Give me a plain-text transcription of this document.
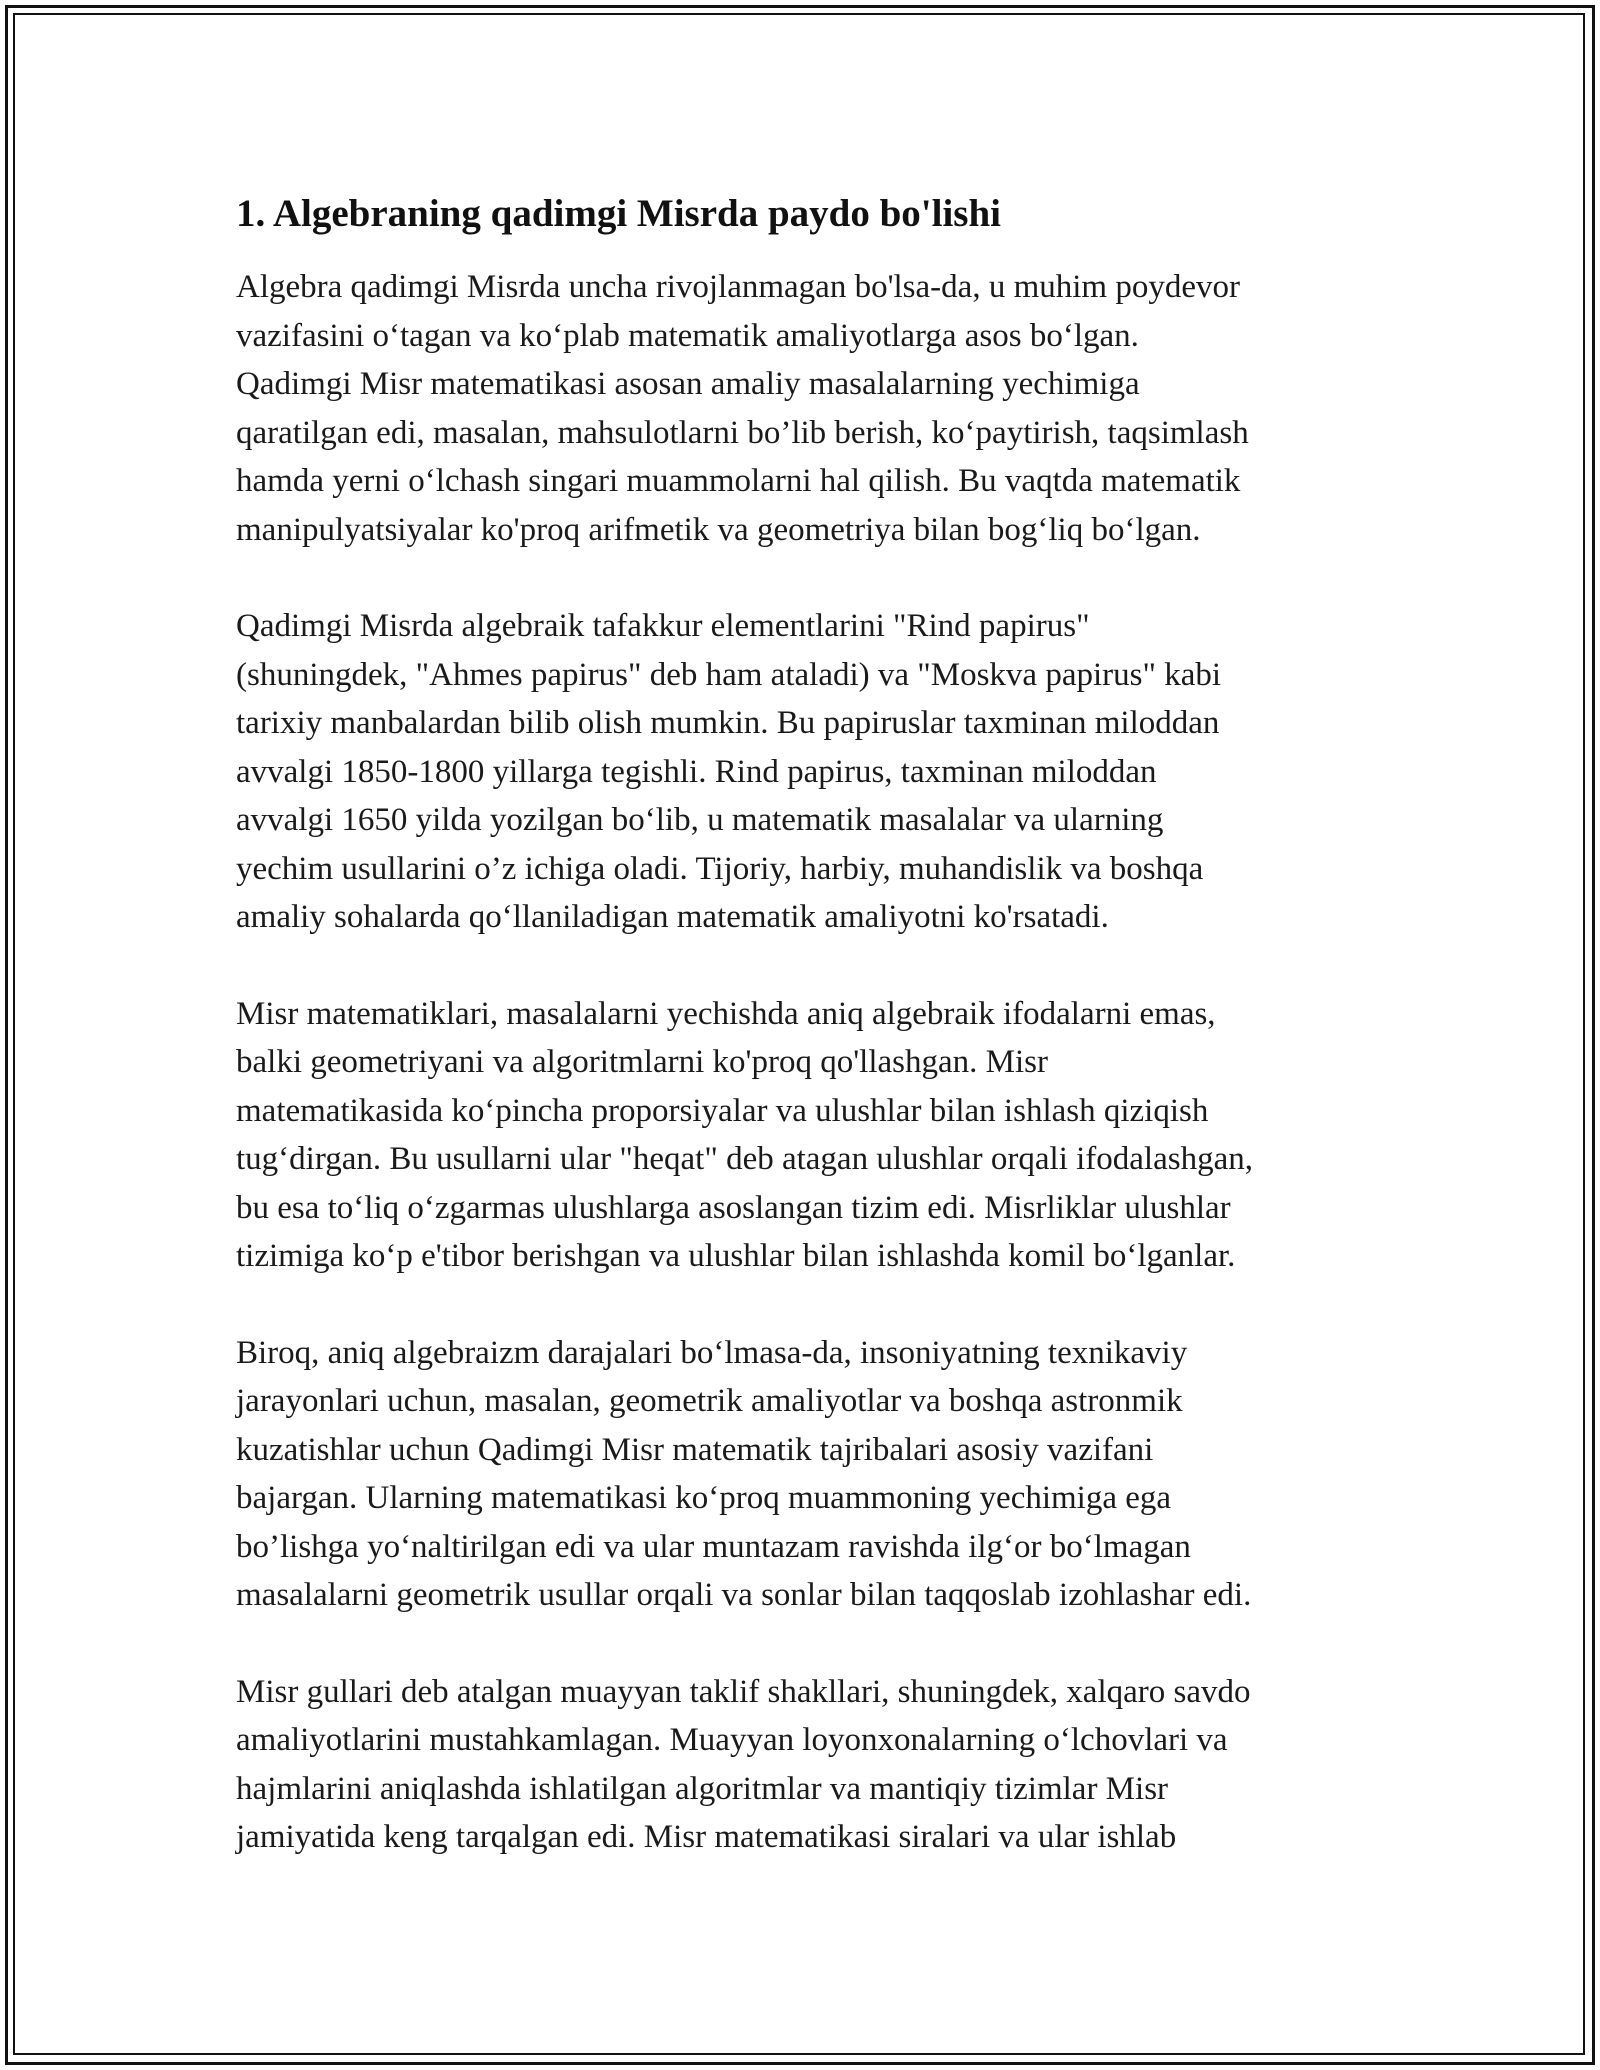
1. Algebraning qadimgi Misrda paydo bo'lishi

Algebra qadimgi Misrda uncha rivojlanmagan bo'lsa-da, u muhim poydevor
vazifasini o‘tagan va ko‘plab matematik amaliyotlarga asos bo‘lgan.
Qadimgi Misr matematikasi asosan amaliy masalalarning yechimiga
qaratilgan edi, masalan, mahsulotlarni bo’lib berish, ko‘paytirish, taqsimlash
hamda yerni o‘lchash singari muammolarni hal qilish. Bu vaqtda matematik
manipulyatsiyalar ko'proq arifmetik va geometriya bilan bog‘liq bo‘lgan.

Qadimgi Misrda algebraik tafakkur elementlarini "Rind papirus"
(shuningdek, "Ahmes papirus" deb ham ataladi) va "Moskva papirus" kabi
tarixiy manbalardan bilib olish mumkin. Bu papiruslar taxminan miloddan
avvalgi 1850-1800 yillarga tegishli. Rind papirus, taxminan miloddan
avvalgi 1650 yilda yozilgan bo‘lib, u matematik masalalar va ularning
yechim usullarini o’z ichiga oladi. Tijoriy, harbiy, muhandislik va boshqa
amaliy sohalarda qo‘llaniladigan matematik amaliyotni ko'rsatadi.

Misr matematiklari, masalalarni yechishda aniq algebraik ifodalarni emas,
balki geometriyani va algoritmlarni ko'proq qo'llashgan. Misr
matematikasida ko‘pincha proporsiyalar va ulushlar bilan ishlash qiziqish
tug‘dirgan. Bu usullarni ular "heqat" deb atagan ulushlar orqali ifodalashgan,
bu esa to‘liq o‘zgarmas ulushlarga asoslangan tizim edi. Misrliklar ulushlar
tizimiga ko‘p e'tibor berishgan va ulushlar bilan ishlashda komil bo‘lganlar.

Biroq, aniq algebraizm darajalari bo‘lmasa-da, insoniyatning texnikaviy
jarayonlari uchun, masalan, geometrik amaliyotlar va boshqa astronmik
kuzatishlar uchun Qadimgi Misr matematik tajribalari asosiy vazifani
bajargan. Ularning matematikasi ko‘proq muammoning yechimiga ega
bo’lishga yo‘naltirilgan edi va ular muntazam ravishda ilg‘or bo‘lmagan
masalalarni geometrik usullar orqali va sonlar bilan taqqoslab izohlashar edi.

Misr gullari deb atalgan muayyan taklif shakllari, shuningdek, xalqaro savdo
amaliyotlarini mustahkamlagan. Muayyan loyonxonalarning o‘lchovlari va
hajmlarini aniqlashda ishlatilgan algoritmlar va mantiqiy tizimlar Misr
jamiyatida keng tarqalgan edi. Misr matematikasi siralari va ular ishlab
